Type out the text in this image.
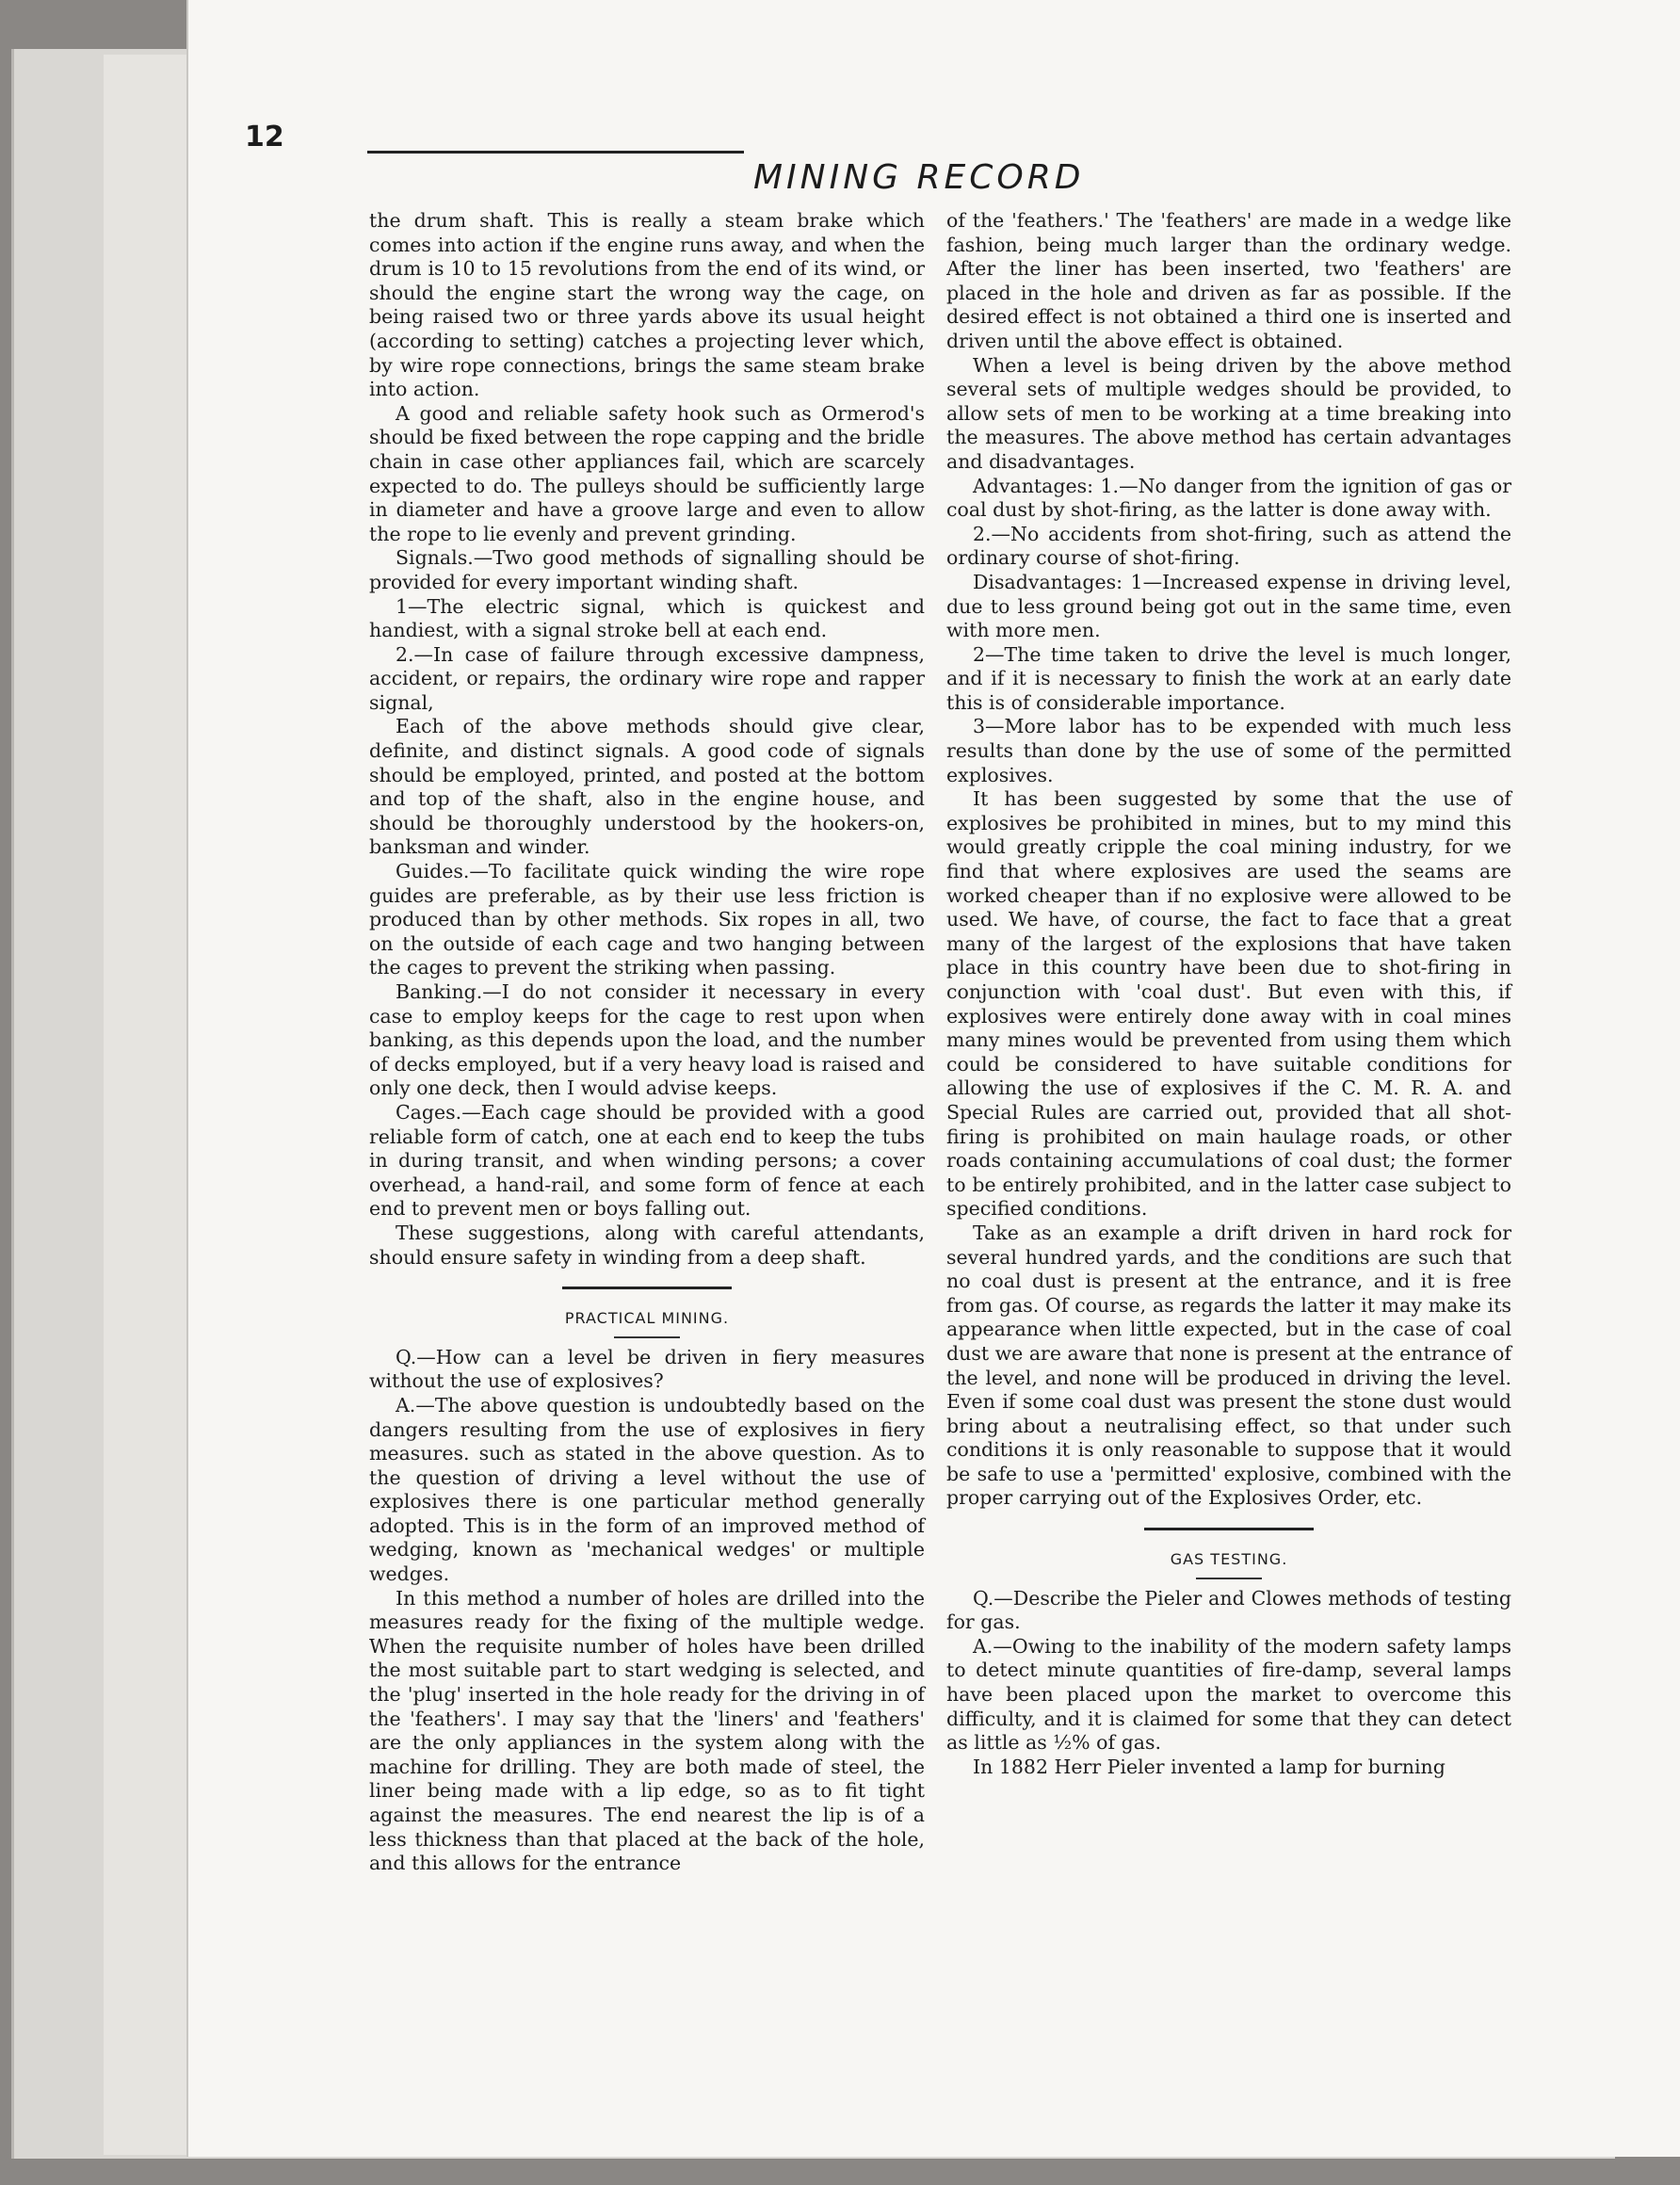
12
MINING RECORD

the drum shaft. This is really a steam brake which comes into action if the engine runs away, and when the drum is 10 to 15 revolutions from the end of its wind, or should the engine start the wrong way the cage, on being raised two or three yards above its usual height (according to setting) catches a projecting lever which, by wire rope connections, brings the same steam brake into action.

A good and reliable safety hook such as Ormerod's should be fixed between the rope capping and the bridle chain in case other appliances fail, which are scarcely expected to do. The pulleys should be sufficiently large in diameter and have a groove large and even to allow the rope to lie evenly and prevent grinding.

Signals.—Two good methods of signalling should be provided for every important winding shaft.

1—The electric signal, which is quickest and handiest, with a signal stroke bell at each end.

2.—In case of failure through excessive dampness, accident, or repairs, the ordinary wire rope and rapper signal,

Each of the above methods should give clear, definite, and distinct signals. A good code of signals should be employed, printed, and posted at the bottom and top of the shaft, also in the engine house, and should be thoroughly understood by the hookers-on, banksman and winder.

Guides.—To facilitate quick winding the wire rope guides are preferable, as by their use less friction is produced than by other methods. Six ropes in all, two on the outside of each cage and two hanging between the cages to prevent the striking when passing.

Banking.—I do not consider it necessary in every case to employ keeps for the cage to rest upon when banking, as this depends upon the load, and the number of decks employed, but if a very heavy load is raised and only one deck, then I would advise keeps.

Cages.—Each cage should be provided with a good reliable form of catch, one at each end to keep the tubs in during transit, and when winding persons; a cover overhead, a hand-rail, and some form of fence at each end to prevent men or boys falling out.

These suggestions, along with careful attendants, should ensure safety in winding from a deep shaft.

PRACTICAL MINING.

Q.—How can a level be driven in fiery measures without the use of explosives?

A.—The above question is undoubtedly based on the dangers resulting from the use of explosives in fiery measures. such as stated in the above question. As to the question of driving a level without the use of explosives there is one particular method generally adopted. This is in the form of an improved method of wedging, known as 'mechanical wedges' or multiple wedges.

In this method a number of holes are drilled into the measures ready for the fixing of the multiple wedge. When the requisite number of holes have been drilled the most suitable part to start wedging is selected, and the 'plug' inserted in the hole ready for the driving in of the 'feathers'. I may say that the 'liners' and 'feathers' are the only appliances in the system along with the machine for drilling. They are both made of steel, the liner being made with a lip edge, so as to fit tight against the measures. The end nearest the lip is of a less thickness than that placed at the back of the hole, and this allows for the entrance

of the 'feathers.' The 'feathers' are made in a wedge like fashion, being much larger than the ordinary wedge. After the liner has been inserted, two 'feathers' are placed in the hole and driven as far as possible. If the desired effect is not obtained a third one is inserted and driven until the above effect is obtained.

When a level is being driven by the above method several sets of multiple wedges should be provided, to allow sets of men to be working at a time breaking into the measures. The above method has certain advantages and disadvantages.

Advantages: 1.—No danger from the ignition of gas or coal dust by shot-firing, as the latter is done away with.

2.—No accidents from shot-firing, such as attend the ordinary course of shot-firing.

Disadvantages: 1—Increased expense in driving level, due to less ground being got out in the same time, even with more men.

2—The time taken to drive the level is much longer, and if it is necessary to finish the work at an early date this is of considerable importance.

3—More labor has to be expended with much less results than done by the use of some of the permitted explosives.

It has been suggested by some that the use of explosives be prohibited in mines, but to my mind this would greatly cripple the coal mining industry, for we find that where explosives are used the seams are worked cheaper than if no explosive were allowed to be used. We have, of course, the fact to face that a great many of the largest of the explosions that have taken place in this country have been due to shot-firing in conjunction with 'coal dust'. But even with this, if explosives were entirely done away with in coal mines many mines would be prevented from using them which could be considered to have suitable conditions for allowing the use of explosives if the C. M. R. A. and Special Rules are carried out, provided that all shot-firing is prohibited on main haulage roads, or other roads containing accumulations of coal dust; the former to be entirely prohibited, and in the latter case subject to specified conditions.

Take as an example a drift driven in hard rock for several hundred yards, and the conditions are such that no coal dust is present at the entrance, and it is free from gas. Of course, as regards the latter it may make its appearance when little expected, but in the case of coal dust we are aware that none is present at the entrance of the level, and none will be produced in driving the level. Even if some coal dust was present the stone dust would bring about a neutralising effect, so that under such conditions it is only reasonable to suppose that it would be safe to use a 'permitted' explosive, combined with the proper carrying out of the Explosives Order, etc.

GAS TESTING.

Q.—Describe the Pieler and Clowes methods of testing for gas.

A.—Owing to the inability of the modern safety lamps to detect minute quantities of fire-damp, several lamps have been placed upon the market to overcome this difficulty, and it is claimed for some that they can detect as little as ½% of gas.

In 1882 Herr Pieler invented a lamp for burning
